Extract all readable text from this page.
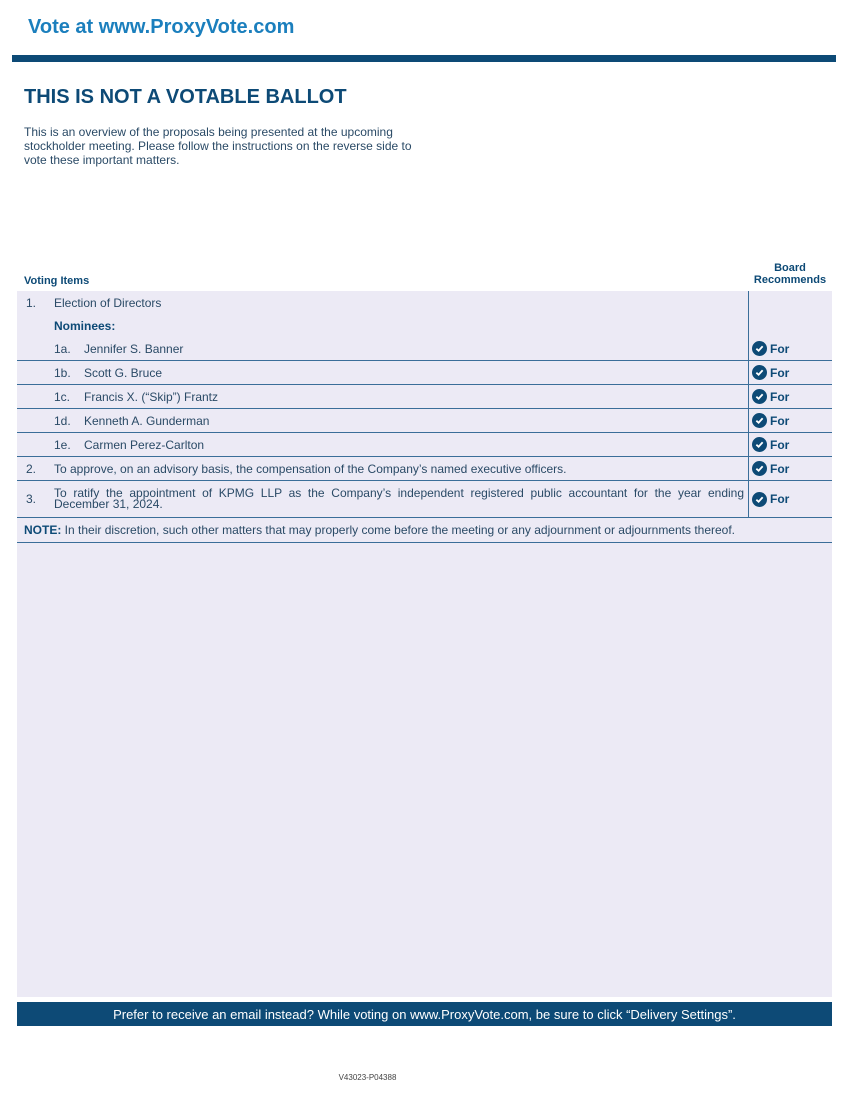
Vote at www.ProxyVote.com
THIS IS NOT A VOTABLE BALLOT

This is an overview of the proposals being presented at the upcoming stockholder meeting. Please follow the instructions on the reverse side to vote these important matters.

Voting Items
Board
Recommends
1. Election of Directors
Nominees:
1a. Jennifer S. Banner	For
1b. Scott G. Bruce	For
1c. Francis X. (“Skip”) Frantz	For
1d. Kenneth A. Gunderman	For
1e. Carmen Perez-Carlton	For
2. To approve, on an advisory basis, the compensation of the Company’s named executive officers.	For
3. To ratify the appointment of KPMG LLP as the Company’s independent registered public accountant for the year ending December 31, 2024.	For
NOTE: In their discretion, such other matters that may properly come before the meeting or any adjournment or adjournments thereof.
Prefer to receive an email instead? While voting on www.ProxyVote.com, be sure to click “Delivery Settings”.
V43023-P04388
